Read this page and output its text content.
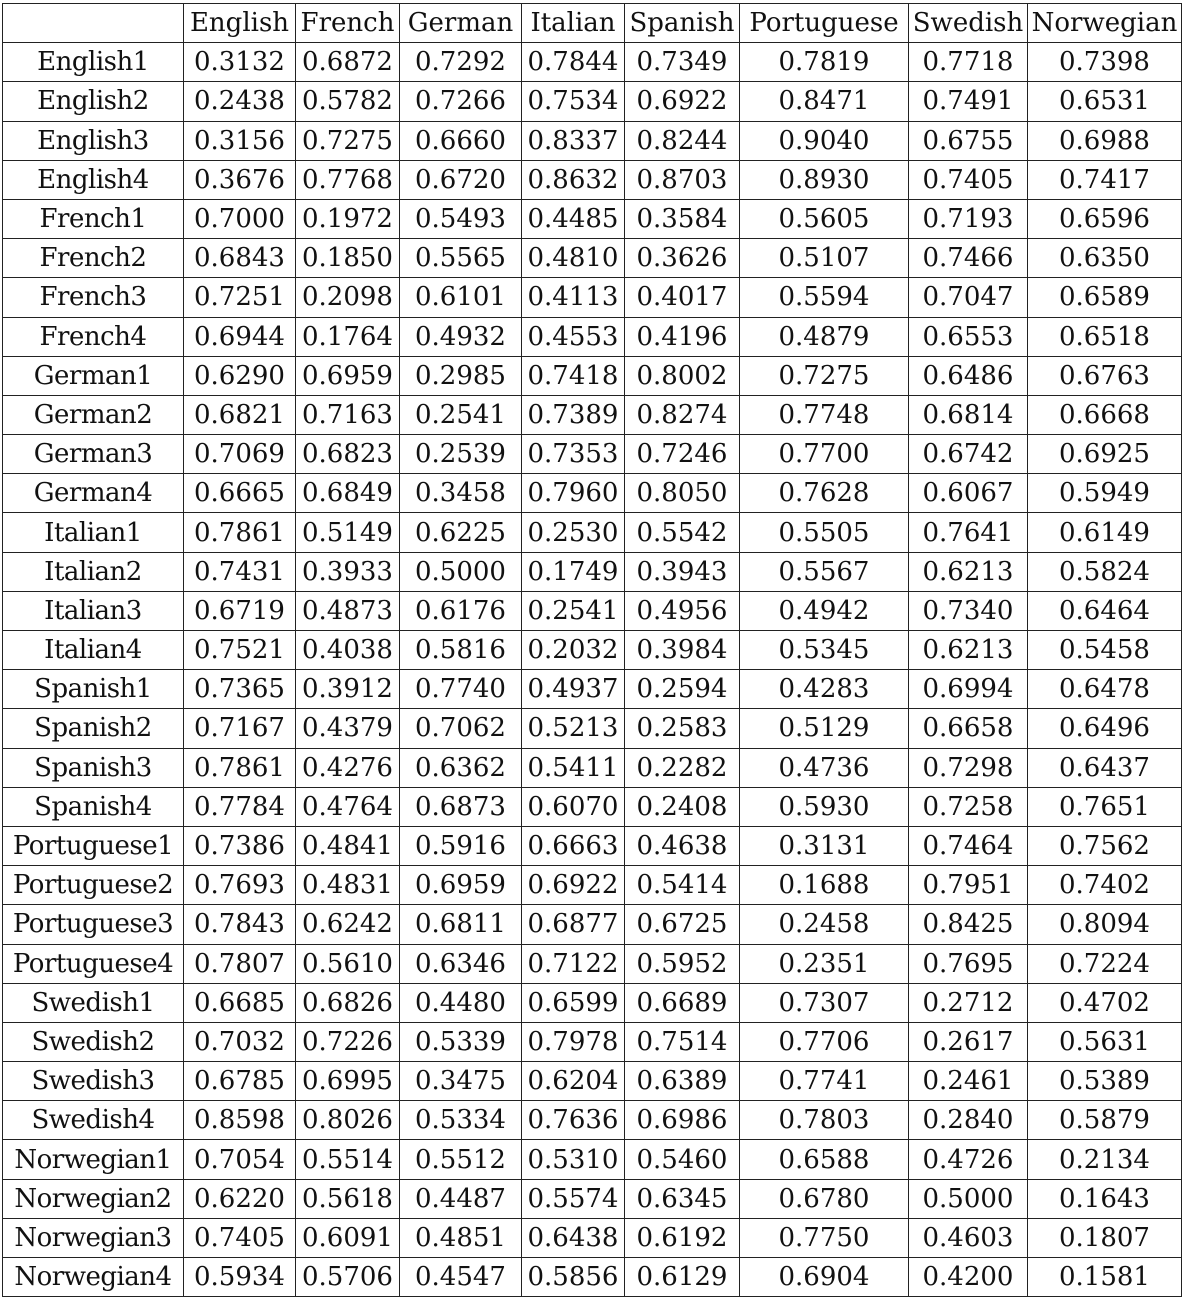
	English	French	German	Italian	Spanish	Portuguese	Swedish	Norwegian
English1	0.3132	0.6872	0.7292	0.7844	0.7349	0.7819	0.7718	0.7398
English2	0.2438	0.5782	0.7266	0.7534	0.6922	0.8471	0.7491	0.6531
English3	0.3156	0.7275	0.6660	0.8337	0.8244	0.9040	0.6755	0.6988
English4	0.3676	0.7768	0.6720	0.8632	0.8703	0.8930	0.7405	0.7417
French1	0.7000	0.1972	0.5493	0.4485	0.3584	0.5605	0.7193	0.6596
French2	0.6843	0.1850	0.5565	0.4810	0.3626	0.5107	0.7466	0.6350
French3	0.7251	0.2098	0.6101	0.4113	0.4017	0.5594	0.7047	0.6589
French4	0.6944	0.1764	0.4932	0.4553	0.4196	0.4879	0.6553	0.6518
German1	0.6290	0.6959	0.2985	0.7418	0.8002	0.7275	0.6486	0.6763
German2	0.6821	0.7163	0.2541	0.7389	0.8274	0.7748	0.6814	0.6668
German3	0.7069	0.6823	0.2539	0.7353	0.7246	0.7700	0.6742	0.6925
German4	0.6665	0.6849	0.3458	0.7960	0.8050	0.7628	0.6067	0.5949
Italian1	0.7861	0.5149	0.6225	0.2530	0.5542	0.5505	0.7641	0.6149
Italian2	0.7431	0.3933	0.5000	0.1749	0.3943	0.5567	0.6213	0.5824
Italian3	0.6719	0.4873	0.6176	0.2541	0.4956	0.4942	0.7340	0.6464
Italian4	0.7521	0.4038	0.5816	0.2032	0.3984	0.5345	0.6213	0.5458
Spanish1	0.7365	0.3912	0.7740	0.4937	0.2594	0.4283	0.6994	0.6478
Spanish2	0.7167	0.4379	0.7062	0.5213	0.2583	0.5129	0.6658	0.6496
Spanish3	0.7861	0.4276	0.6362	0.5411	0.2282	0.4736	0.7298	0.6437
Spanish4	0.7784	0.4764	0.6873	0.6070	0.2408	0.5930	0.7258	0.7651
Portuguese1	0.7386	0.4841	0.5916	0.6663	0.4638	0.3131	0.7464	0.7562
Portuguese2	0.7693	0.4831	0.6959	0.6922	0.5414	0.1688	0.7951	0.7402
Portuguese3	0.7843	0.6242	0.6811	0.6877	0.6725	0.2458	0.8425	0.8094
Portuguese4	0.7807	0.5610	0.6346	0.7122	0.5952	0.2351	0.7695	0.7224
Swedish1	0.6685	0.6826	0.4480	0.6599	0.6689	0.7307	0.2712	0.4702
Swedish2	0.7032	0.7226	0.5339	0.7978	0.7514	0.7706	0.2617	0.5631
Swedish3	0.6785	0.6995	0.3475	0.6204	0.6389	0.7741	0.2461	0.5389
Swedish4	0.8598	0.8026	0.5334	0.7636	0.6986	0.7803	0.2840	0.5879
Norwegian1	0.7054	0.5514	0.5512	0.5310	0.5460	0.6588	0.4726	0.2134
Norwegian2	0.6220	0.5618	0.4487	0.5574	0.6345	0.6780	0.5000	0.1643
Norwegian3	0.7405	0.6091	0.4851	0.6438	0.6192	0.7750	0.4603	0.1807
Norwegian4	0.5934	0.5706	0.4547	0.5856	0.6129	0.6904	0.4200	0.1581
